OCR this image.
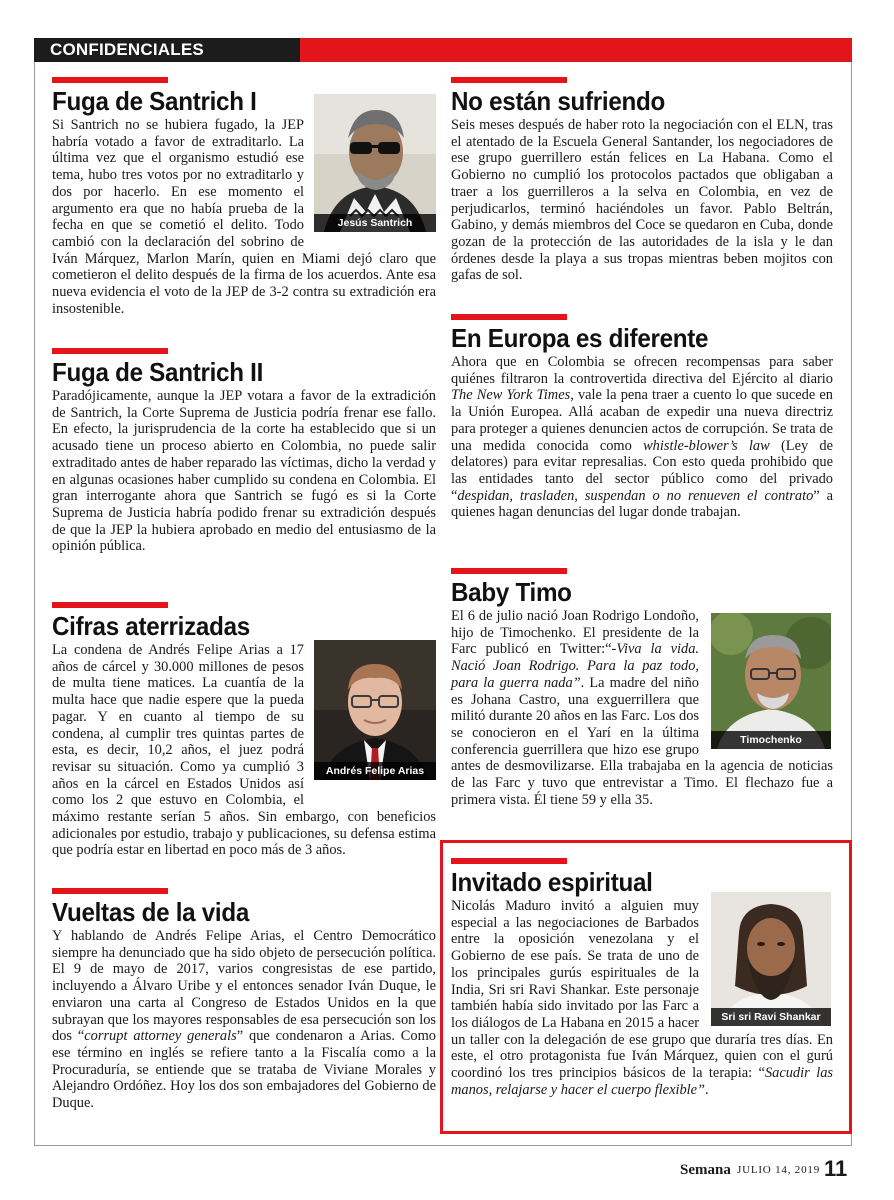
CONFIDENCIALES
Fuga de Santrich I

Si Santrich no se hubiera fugado, la JEP habría votado a favor de extraditarlo. La última vez que el organismo estudió ese tema, hubo tres votos por no extraditarlo y dos por hacerlo. En ese momento el argumento era que no había prueba de la fecha en que se cometió el delito. Todo cambió con la declaración del sobrino de Iván Márquez, Marlon Marín, quien en Miami dejó claro que cometieron el delito después de la firma de los acuerdos. Ante esa nueva evidencia el voto de la JEP de 3-2 contra su extradición era insostenible.

Jesús Santrich
Fuga de Santrich II

Paradójicamente, aunque la JEP votara a favor de la extradición de Santrich, la Corte Suprema de Justicia podría frenar ese fallo. En efecto, la jurisprudencia de la corte ha establecido que si un acusado tiene un proceso abierto en Colombia, no puede salir extraditado antes de haber reparado las víctimas, dicho la verdad y en algunas ocasiones haber cumplido su condena en Colombia. El gran interrogante ahora que Santrich se fugó es si la Corte Suprema de Justicia habría podido frenar su extradición después de que la JEP la hubiera aprobado en medio del entusiasmo de la opinión pública.

Cifras aterrizadas

La condena de Andrés Felipe Arias a 17 años de cárcel y 30.000 millones de pesos de multa tiene matices. La cuantía de la multa hace que nadie espere que la pueda pagar. Y en cuanto al tiempo de su condena, al cumplir tres quintas partes de esta, es decir, 10,2 años, el juez podrá revisar su situación. Como ya cumplió 3 años en la cárcel en Estados Unidos así como los 2 que estuvo en Colombia, el máximo restante serían 5 años. Sin embargo, con beneficios adicionales por estudio, trabajo y publicaciones, su defensa estima que podría estar en libertad en poco más de 3 años.

Andrés Felipe Arias
Vueltas de la vida

Y hablando de Andrés Felipe Arias, el Centro Democrático siempre ha denunciado que ha sido objeto de persecución política. El 9 de mayo de 2017, varios congresistas de ese partido, incluyendo a Álvaro Uribe y el entonces senador Iván Duque, le enviaron una carta al Congreso de Estados Unidos en la que subrayan que los mayores responsables de esa persecución son los dos “corrupt attorney generals” que condenaron a Arias. Como ese término en inglés se refiere tanto a la Fiscalía como a la Procuraduría, se entiende que se trataba de Viviane Morales y Alejandro Ordóñez. Hoy los dos son embajadores del Gobierno de Duque.

No están sufriendo

Seis meses después de haber roto la negociación con el ELN, tras el atentado de la Escuela General Santander, los negociadores de ese grupo guerrillero están felices en La Habana. Como el Gobierno no cumplió los protocolos pactados que obligaban a traer a los guerrilleros a la selva en Colombia, en vez de perjudicarlos, terminó haciéndoles un favor. Pablo Beltrán, Gabino, y demás miembros del Coce se quedaron en Cuba, donde gozan de la protección de las autoridades de la isla y le dan órdenes desde la playa a sus tropas mientras beben mojitos con gafas de sol.

En Europa es diferente

Ahora que en Colombia se ofrecen recompensas para saber quiénes filtraron la controvertida directiva del Ejército al diario The New York Times, vale la pena traer a cuento lo que sucede en la Unión Europea. Allá acaban de expedir una nueva directriz para proteger a quienes denuncien actos de corrupción. Se trata de una medida conocida como whistle-blower’s law (Ley de delatores) para evitar represalias. Con esto queda prohibido que las entidades tanto del sector público como del privado “despidan, trasladen, suspendan o no renueven el contrato” a quienes hagan denuncias del lugar donde trabajan.

Baby Timo

El 6 de julio nació Joan Rodrigo Londoño, hijo de Timochenko. El presidente de la Farc publicó en Twitter:“-Viva la vida. Nació Joan Rodrigo. Para la paz todo, para la guerra nada”. La madre del niño es Johana Castro, una exguerrillera que militó durante 20 años en las Farc. Los dos se conocieron en el Yarí en la última conferencia guerrillera que hizo ese grupo antes de desmovilizarse. Ella trabajaba en la agencia de noticias de las Farc y tuvo que entrevistar a Timo. El flechazo fue a primera vista. Él tiene 59 y ella 35.

Timochenko
Invitado espiritual

Nicolás Maduro invitó a alguien muy especial a las negociaciones de Barbados entre la oposición venezolana y el Gobierno de ese país. Se trata de uno de los principales gurús espirituales de la India, Sri sri Ravi Shankar. Este personaje también había sido invitado por las Farc a los diálogos de La Habana en 2015 a hacer un taller con la delegación de ese grupo que duraría tres días. En este, el otro protagonista fue Iván Márquez, quien con el gurú coordinó los tres principios básicos de la terapia: “Sacudir las manos, relajarse y hacer el cuerpo flexible”.

Sri sri Ravi Shankar
Semana JULIO 14, 2019 11
